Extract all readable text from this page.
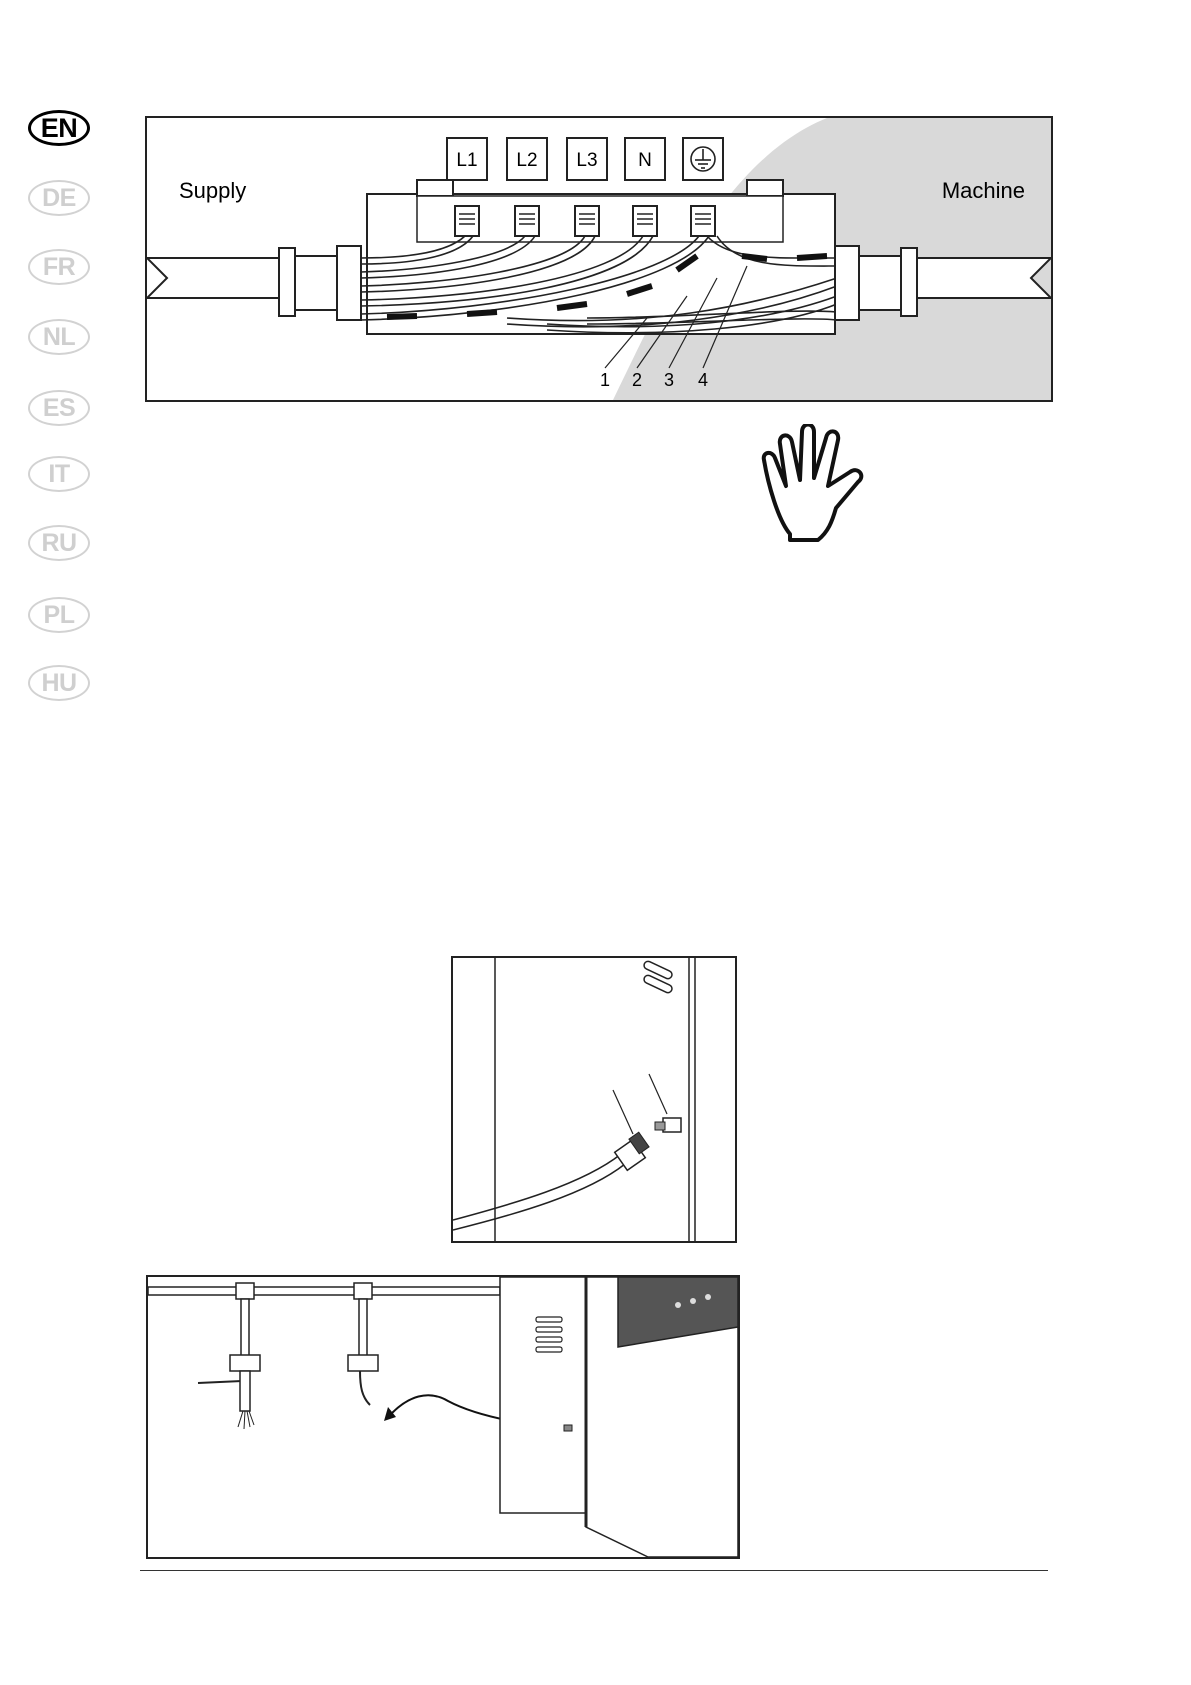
EN
DE
FR
NL
ES
IT
RU
PL
HU
L1 L2 L3 N
Supply	Machine
1 2 3 4
